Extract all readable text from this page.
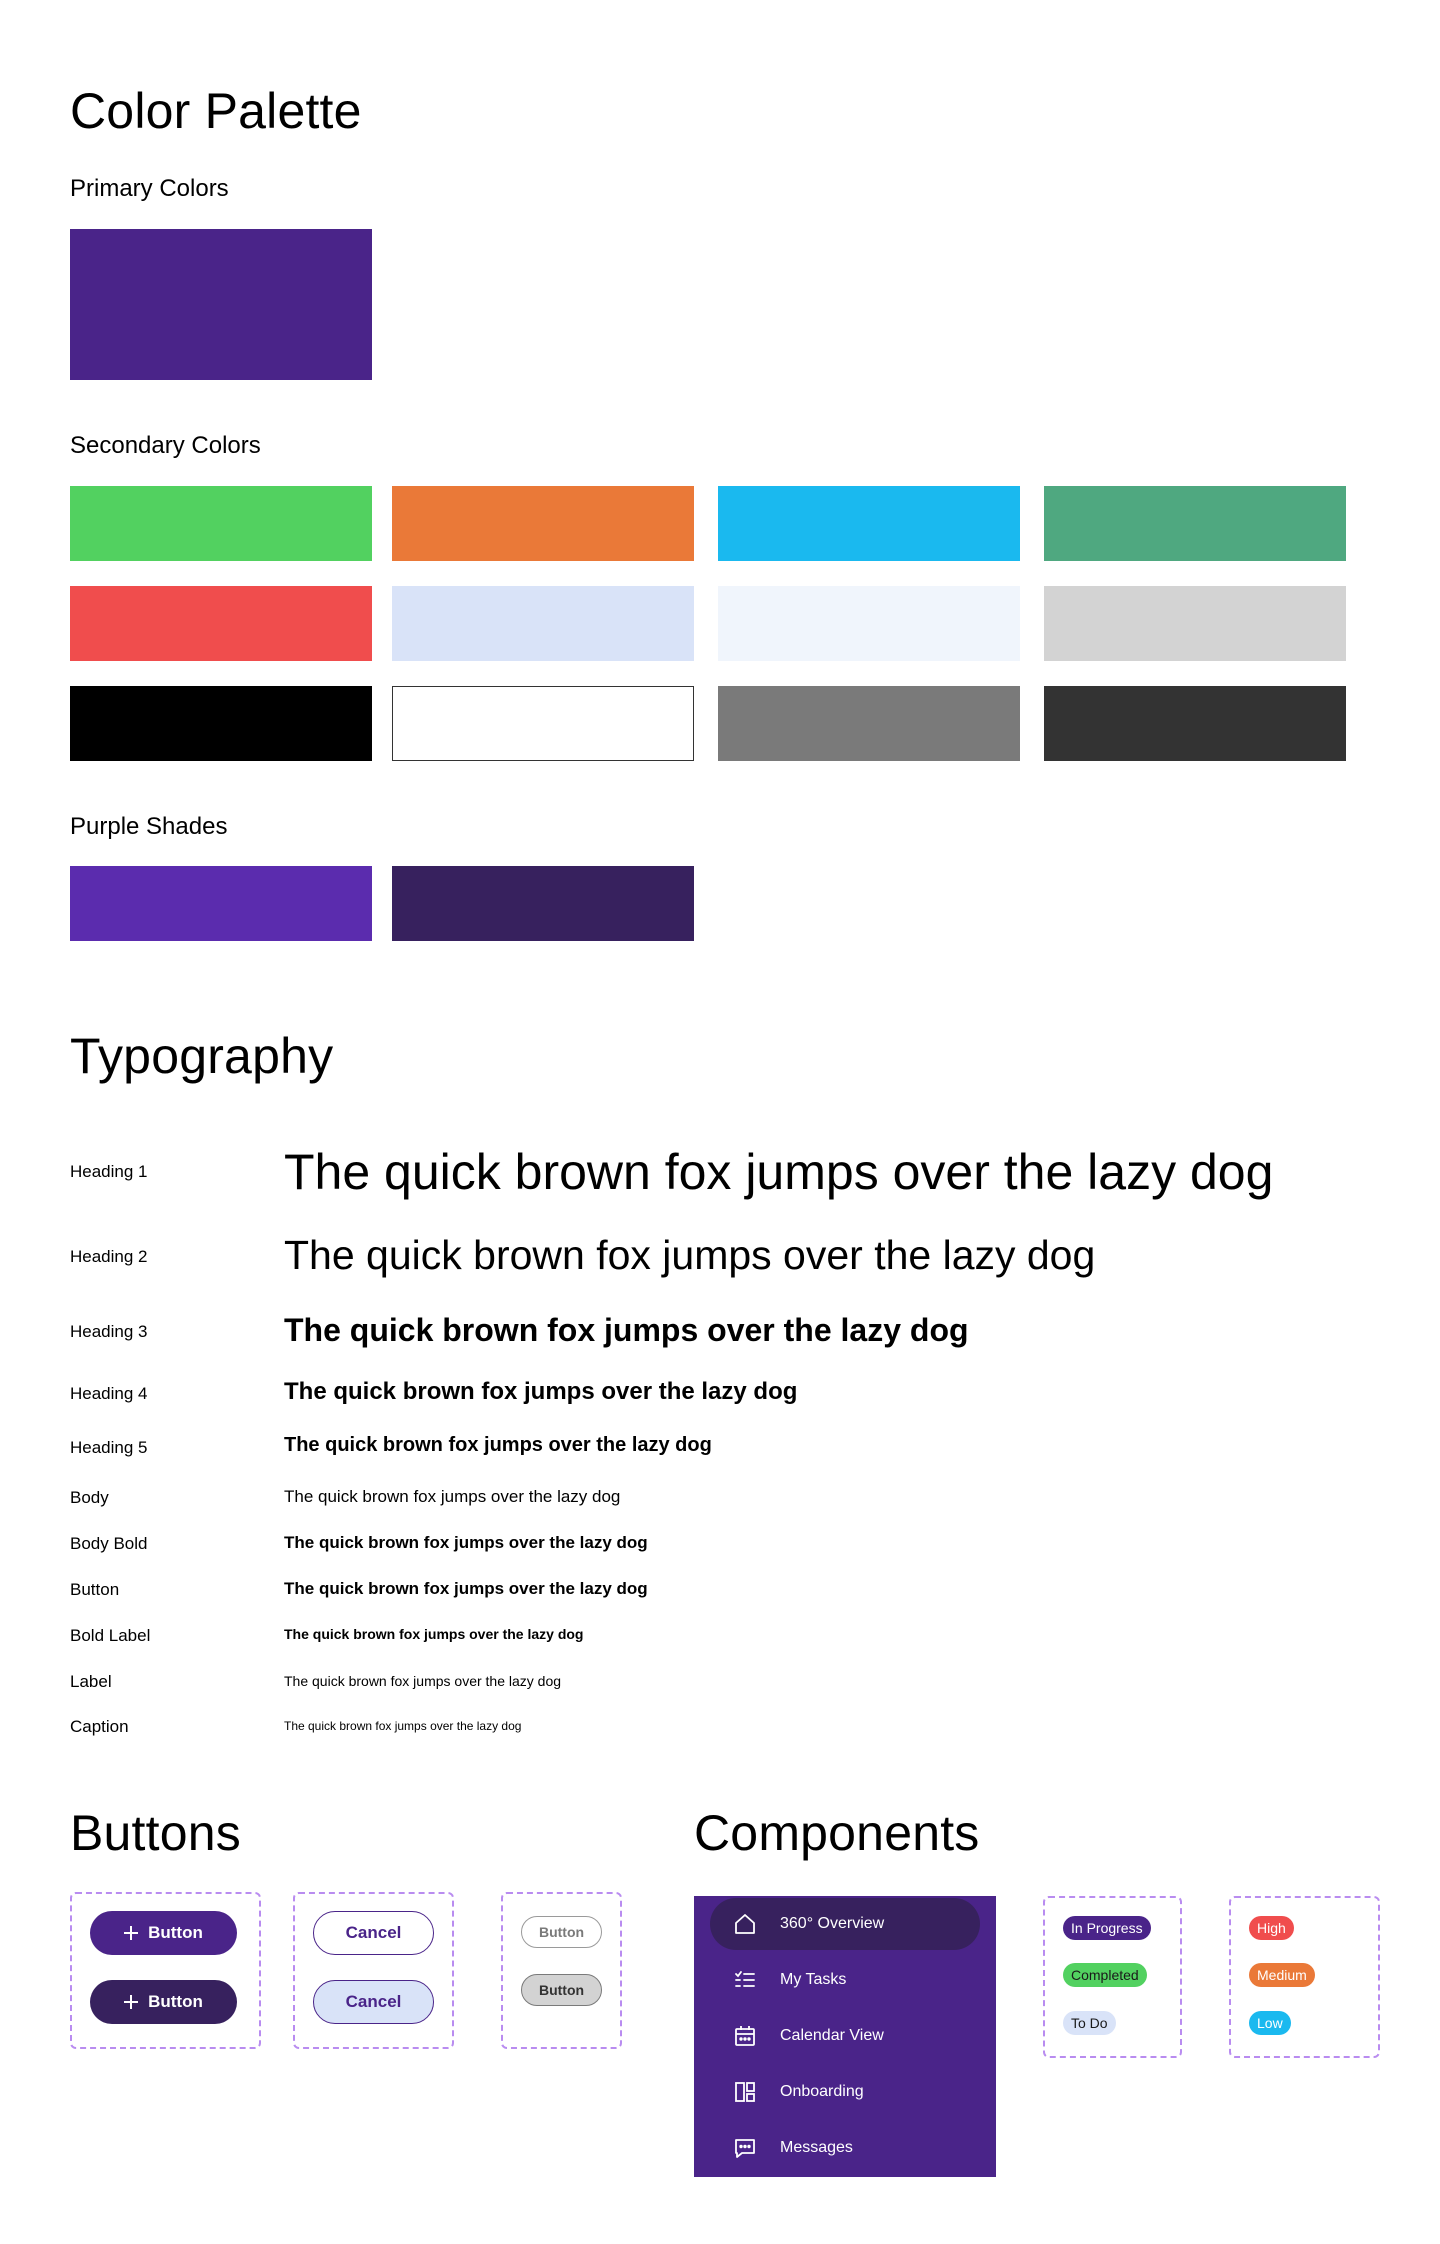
Color Palette
Primary Colors
Secondary Colors
Purple Shades
Typography
Heading 1	The quick brown fox jumps over the lazy dog
Heading 2	The quick brown fox jumps over the lazy dog
Heading 3	The quick brown fox jumps over the lazy dog
Heading 4	The quick brown fox jumps over the lazy dog
Heading 5	The quick brown fox jumps over the lazy dog
Body	The quick brown fox jumps over the lazy dog
Body Bold	The quick brown fox jumps over the lazy dog
Button	The quick brown fox jumps over the lazy dog
Bold Label	The quick brown fox jumps over the lazy dog
Label	The quick brown fox jumps over the lazy dog
Caption	The quick brown fox jumps over the lazy dog
Buttons
Button
Button
Cancel
Cancel
Button
Button
Components
360° Overview
My Tasks
Calendar View
Onboarding
Messages
In Progress
Completed
To Do
High
Medium
Low
